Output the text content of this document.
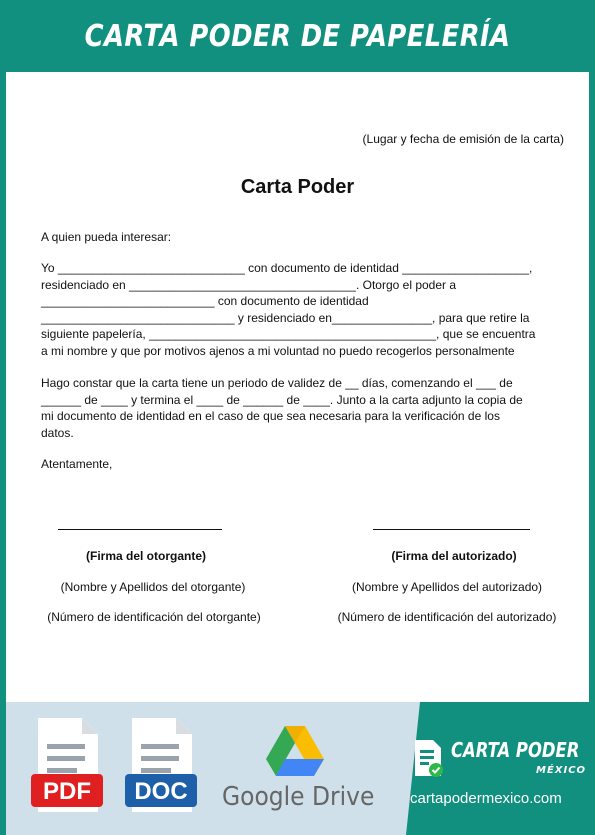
CARTA PODER DE PAPELERÍA
(Lugar y fecha de emisión de la carta)
Carta Poder
A quien pueda interesar:
Yo ____________________________ con documento de identidad ___________________,
residenciado en __________________________________. Otorgo el poder a
__________________________ con documento de identidad
_____________________________ y residenciado en_______________, para que retire la
siguiente papelería, ___________________________________________, que se encuentra
a mi nombre y que por motivos ajenos a mi voluntad no puedo recogerlos personalmente
Hago constar que la carta tiene un periodo de validez de __ días, comenzando el ___ de
______ de ____ y termina el ____ de ______ de ____. Junto a la carta adjunto la copia de
mi documento de identidad en el caso de que sea necesaria para la verificación de los
datos.
Atentamente,
(Firma del otorgante)
(Nombre y Apellidos del otorgante)
(Número de identificación del otorgante)
(Firma del autorizado)
(Nombre y Apellidos del autorizado)
(Número de identificación del autorizado)
PDF DOC Google Drive
CARTA PODER
MÉXICO
cartapodermexico.com
